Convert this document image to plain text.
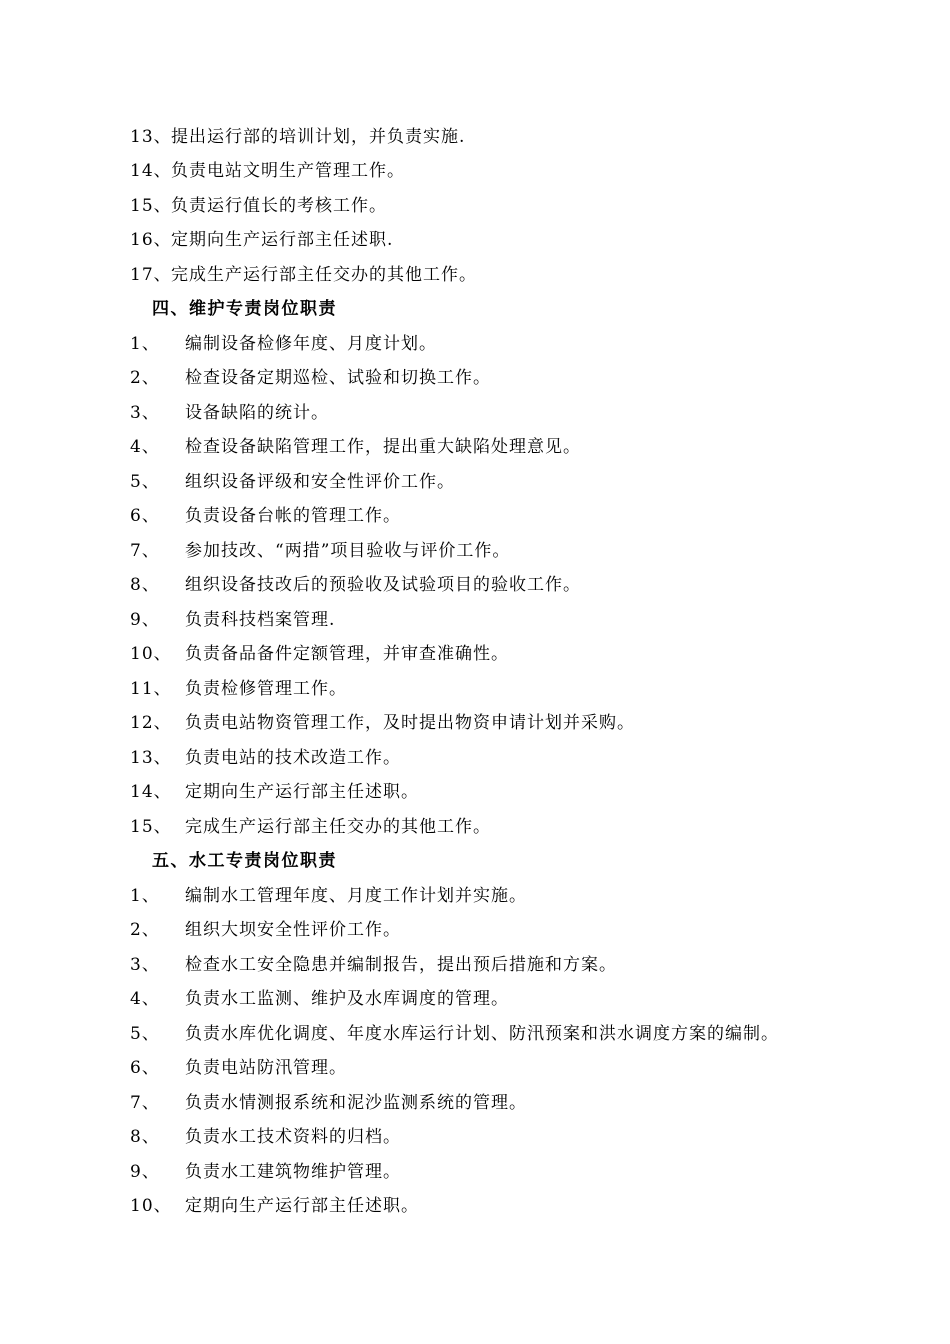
13、提出运行部的培训计划，并负责实施.
14、负责电站文明生产管理工作。
15、负责运行值长的考核工作。
16、定期向生产运行部主任述职.
17、完成生产运行部主任交办的其他工作。
四、维护专责岗位职责
1、 编制设备检修年度、月度计划。
2、 检查设备定期巡检、试验和切换工作。
3、 设备缺陷的统计。
4、 检查设备缺陷管理工作，提出重大缺陷处理意见。
5、 组织设备评级和安全性评价工作。
6、 负责设备台帐的管理工作。
7、 参加技改、“两措”项目验收与评价工作。
8、 组织设备技改后的预验收及试验项目的验收工作。
9、 负责科技档案管理.
10、 负责备品备件定额管理，并审查准确性。
11、 负责检修管理工作。
12、 负责电站物资管理工作，及时提出物资申请计划并采购。
13、 负责电站的技术改造工作。
14、 定期向生产运行部主任述职。
15、 完成生产运行部主任交办的其他工作。
五、水工专责岗位职责
1、 编制水工管理年度、月度工作计划并实施。
2、 组织大坝安全性评价工作。
3、 检查水工安全隐患并编制报告，提出预后措施和方案。
4、 负责水工监测、维护及水库调度的管理。
5、 负责水库优化调度、年度水库运行计划、防汛预案和洪水调度方案的编制。
6、 负责电站防汛管理。
7、 负责水情测报系统和泥沙监测系统的管理。
8、 负责水工技术资料的归档。
9、 负责水工建筑物维护管理。
10、 定期向生产运行部主任述职。
